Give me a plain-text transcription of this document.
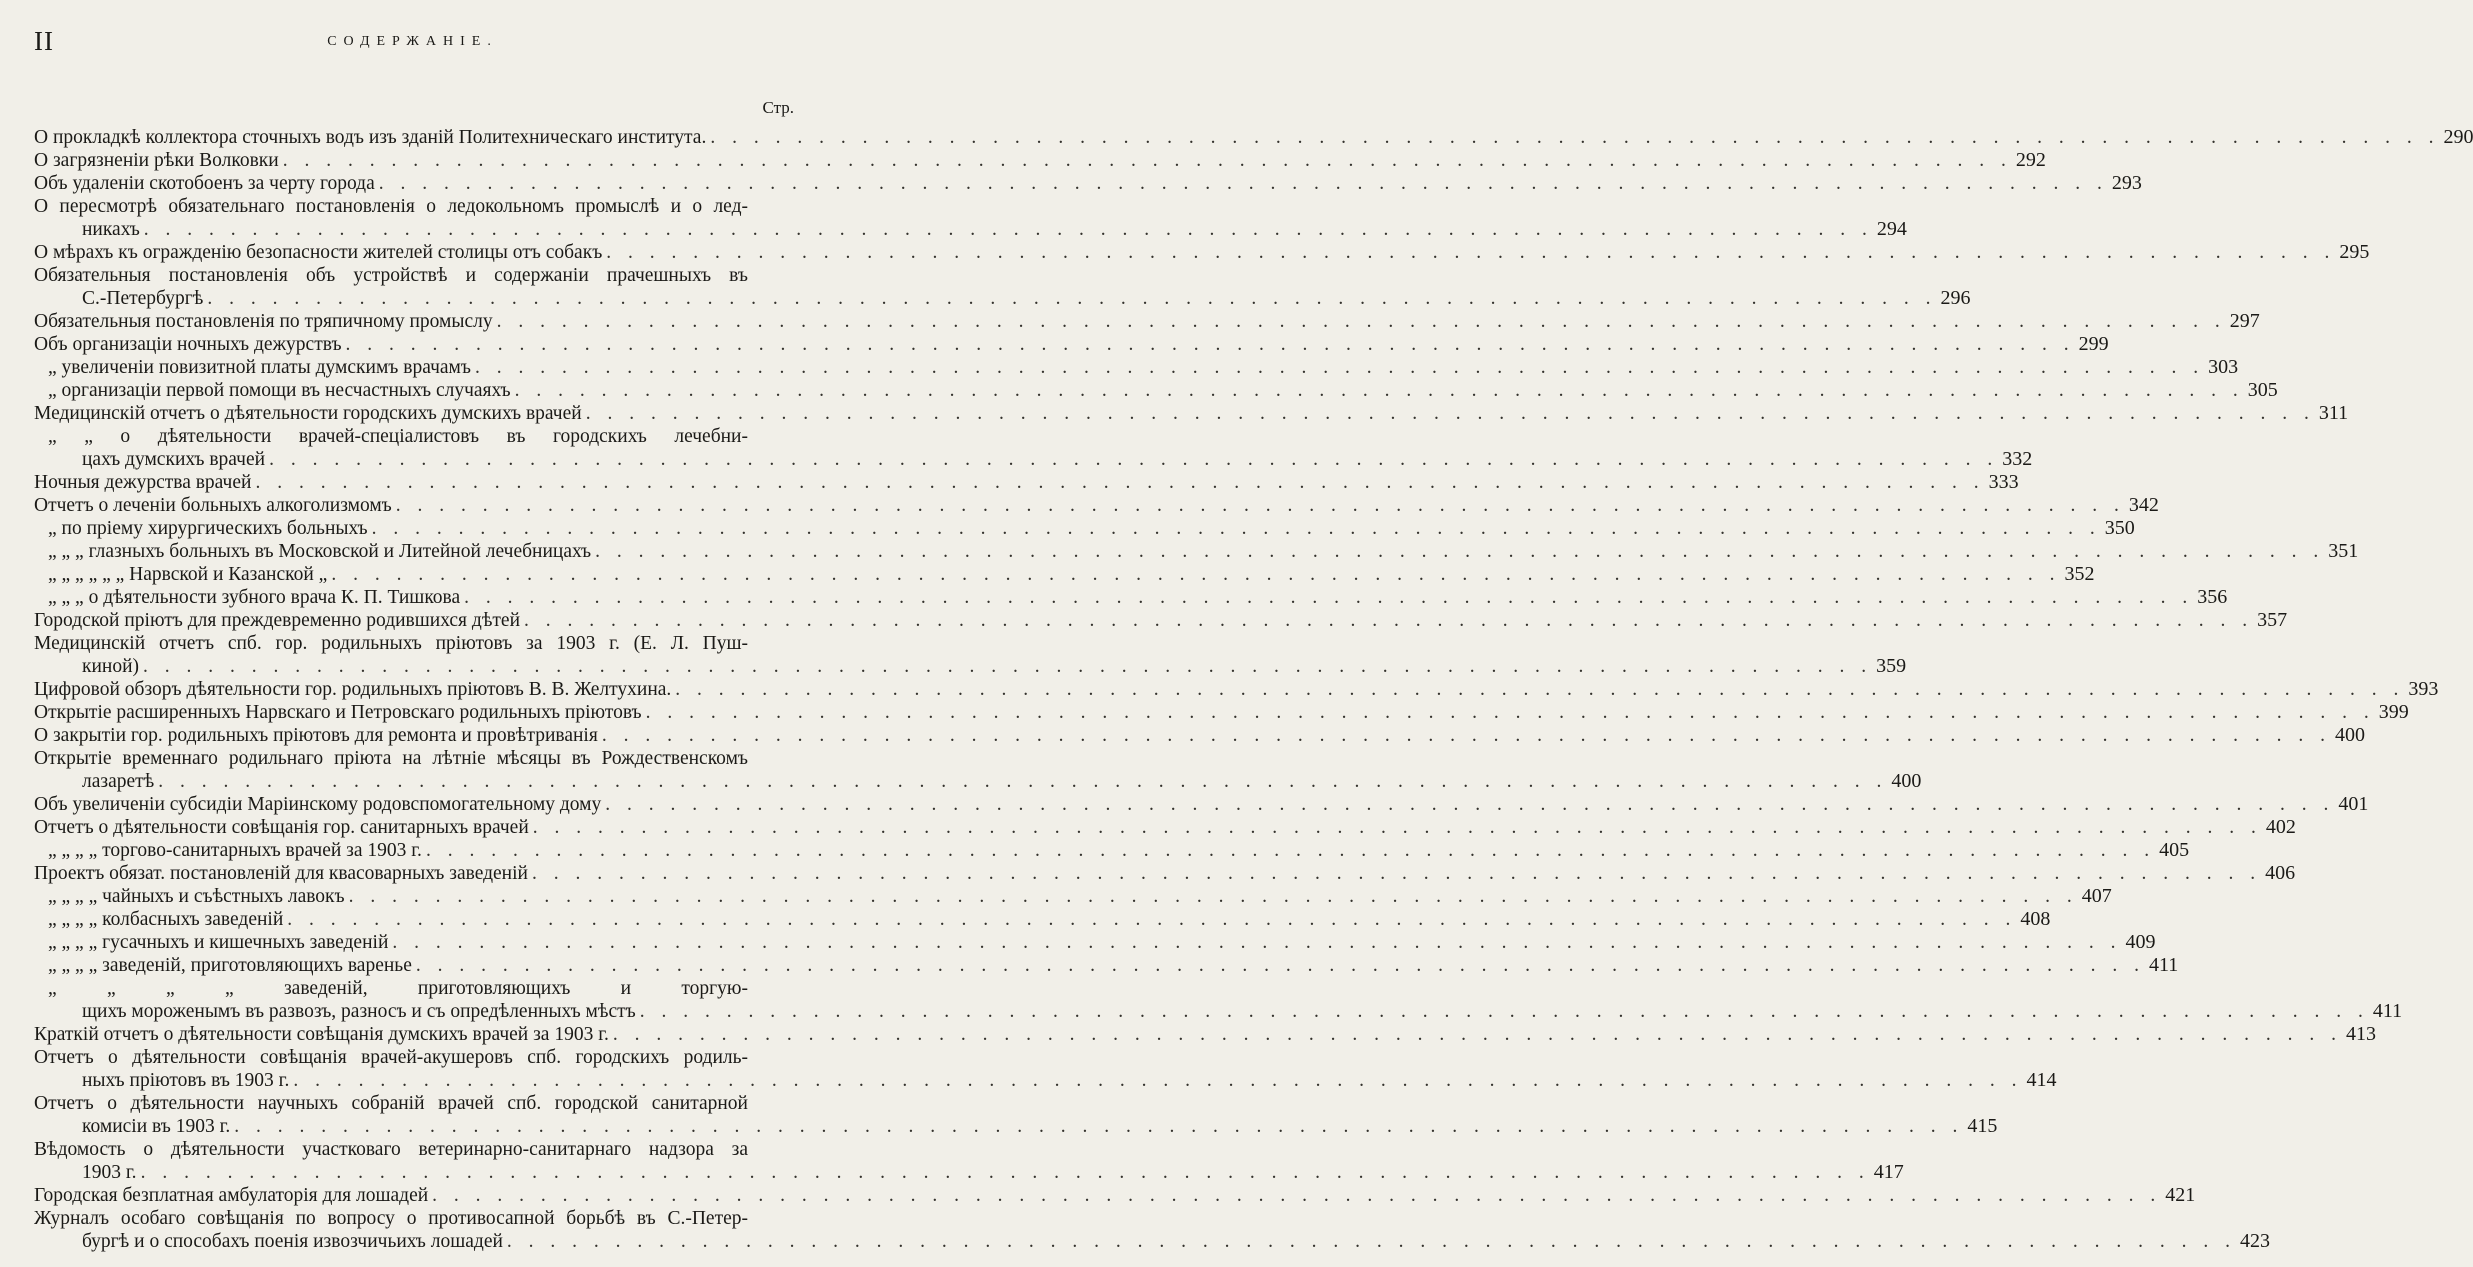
II	СОДЕРЖАНIЕ.
Стр.
О прокладкѣ коллектора сточныхъ водъ изъ зданій Политехническаго института. . . . . . . . . . . . . . . . . . . . . . . . . . . . . . . . . . . . . . . . . . . . . . . . . . . . . . . . . . . . . . . . . . . . . . . . . . . . . . . . . 290
О загрязненіи рѣки Волковки . . . . . . . . . . . . . . . . . . . . . . . . . . . . . . . . . . . . . . . . . . . . . . . . . . . . . . . . . . . . . . . . . . . . . . . . . . . . . . . . 292
Объ удаленіи скотобоенъ за черту города . . . . . . . . . . . . . . . . . . . . . . . . . . . . . . . . . . . . . . . . . . . . . . . . . . . . . . . . . . . . . . . . . . . . . . . . . . . . . . . . 293
О пересмотрѣ обязательнаго постановленія о ледокольномъ промыслѣ и о лед-
никахъ . . . . . . . . . . . . . . . . . . . . . . . . . . . . . . . . . . . . . . . . . . . . . . . . . . . . . . . . . . . . . . . . . . . . . . . . . . . . . . . . 294
О мѣрахъ къ огражденію безопасности жителей столицы отъ собакъ . . . . . . . . . . . . . . . . . . . . . . . . . . . . . . . . . . . . . . . . . . . . . . . . . . . . . . . . . . . . . . . . . . . . . . . . . . . . . . . . 295
Обязательныя постановленія объ устройствѣ и содержаніи прачешныхъ въ
С.-Петербургѣ . . . . . . . . . . . . . . . . . . . . . . . . . . . . . . . . . . . . . . . . . . . . . . . . . . . . . . . . . . . . . . . . . . . . . . . . . . . . . . . . 296
Обязательныя постановленія по тряпичному промыслу . . . . . . . . . . . . . . . . . . . . . . . . . . . . . . . . . . . . . . . . . . . . . . . . . . . . . . . . . . . . . . . . . . . . . . . . . . . . . . . . 297
Объ организаціи ночныхъ дежурствъ . . . . . . . . . . . . . . . . . . . . . . . . . . . . . . . . . . . . . . . . . . . . . . . . . . . . . . . . . . . . . . . . . . . . . . . . . . . . . . . . 299
„ увеличеніи повизитной платы думскимъ врачамъ . . . . . . . . . . . . . . . . . . . . . . . . . . . . . . . . . . . . . . . . . . . . . . . . . . . . . . . . . . . . . . . . . . . . . . . . . . . . . . . . 303
„ организаціи первой помощи въ несчастныхъ случаяхъ . . . . . . . . . . . . . . . . . . . . . . . . . . . . . . . . . . . . . . . . . . . . . . . . . . . . . . . . . . . . . . . . . . . . . . . . . . . . . . . . 305
Медицинскій отчетъ о дѣятельности городскихъ думскихъ врачей . . . . . . . . . . . . . . . . . . . . . . . . . . . . . . . . . . . . . . . . . . . . . . . . . . . . . . . . . . . . . . . . . . . . . . . . . . . . . . . . 311
„ „ о дѣятельности врачей-спеціалистовъ въ городскихъ лечебни-
цахъ думскихъ врачей . . . . . . . . . . . . . . . . . . . . . . . . . . . . . . . . . . . . . . . . . . . . . . . . . . . . . . . . . . . . . . . . . . . . . . . . . . . . . . . . 332
Ночныя дежурства врачей . . . . . . . . . . . . . . . . . . . . . . . . . . . . . . . . . . . . . . . . . . . . . . . . . . . . . . . . . . . . . . . . . . . . . . . . . . . . . . . . 333
Отчетъ о леченіи больныхъ алкоголизмомъ . . . . . . . . . . . . . . . . . . . . . . . . . . . . . . . . . . . . . . . . . . . . . . . . . . . . . . . . . . . . . . . . . . . . . . . . . . . . . . . . 342
„ по пріему хирургическихъ больныхъ . . . . . . . . . . . . . . . . . . . . . . . . . . . . . . . . . . . . . . . . . . . . . . . . . . . . . . . . . . . . . . . . . . . . . . . . . . . . . . . . 350
„ „ „ глазныхъ больныхъ въ Московской и Литейной лечебницахъ . . . . . . . . . . . . . . . . . . . . . . . . . . . . . . . . . . . . . . . . . . . . . . . . . . . . . . . . . . . . . . . . . . . . . . . . . . . . . . . . 351
„ „ „ „ „ „ Нарвской и Казанской „ . . . . . . . . . . . . . . . . . . . . . . . . . . . . . . . . . . . . . . . . . . . . . . . . . . . . . . . . . . . . . . . . . . . . . . . . . . . . . . . . 352
„ „ „ о дѣятельности зубного врача К. П. Тишкова . . . . . . . . . . . . . . . . . . . . . . . . . . . . . . . . . . . . . . . . . . . . . . . . . . . . . . . . . . . . . . . . . . . . . . . . . . . . . . . . 356
Городской пріютъ для преждевременно родившихся дѣтей . . . . . . . . . . . . . . . . . . . . . . . . . . . . . . . . . . . . . . . . . . . . . . . . . . . . . . . . . . . . . . . . . . . . . . . . . . . . . . . . 357
Медицинскій отчетъ спб. гор. родильныхъ пріютовъ за 1903 г. (Е. Л. Пуш-
киной) . . . . . . . . . . . . . . . . . . . . . . . . . . . . . . . . . . . . . . . . . . . . . . . . . . . . . . . . . . . . . . . . . . . . . . . . . . . . . . . . 359
Цифровой обзоръ дѣятельности гор. родильныхъ пріютовъ В. В. Желтухина. . . . . . . . . . . . . . . . . . . . . . . . . . . . . . . . . . . . . . . . . . . . . . . . . . . . . . . . . . . . . . . . . . . . . . . . . . . . . . . . . 393
Открытіе расширенныхъ Нарвскаго и Петровскаго родильныхъ пріютовъ . . . . . . . . . . . . . . . . . . . . . . . . . . . . . . . . . . . . . . . . . . . . . . . . . . . . . . . . . . . . . . . . . . . . . . . . . . . . . . . . 399
О закрытіи гор. родильныхъ пріютовъ для ремонта и провѣтриванія . . . . . . . . . . . . . . . . . . . . . . . . . . . . . . . . . . . . . . . . . . . . . . . . . . . . . . . . . . . . . . . . . . . . . . . . . . . . . . . . 400
Открытіе временнаго родильнаго пріюта на лѣтніе мѣсяцы въ Рождественскомъ
лазаретѣ . . . . . . . . . . . . . . . . . . . . . . . . . . . . . . . . . . . . . . . . . . . . . . . . . . . . . . . . . . . . . . . . . . . . . . . . . . . . . . . . 400
Объ увеличеніи субсидіи Маріинскому родовспомогательному дому . . . . . . . . . . . . . . . . . . . . . . . . . . . . . . . . . . . . . . . . . . . . . . . . . . . . . . . . . . . . . . . . . . . . . . . . . . . . . . . . 401
Отчетъ о дѣятельности совѣщанія гор. санитарныхъ врачей . . . . . . . . . . . . . . . . . . . . . . . . . . . . . . . . . . . . . . . . . . . . . . . . . . . . . . . . . . . . . . . . . . . . . . . . . . . . . . . . 402
„ „ „ „ торгово-санитарныхъ врачей за 1903 г. . . . . . . . . . . . . . . . . . . . . . . . . . . . . . . . . . . . . . . . . . . . . . . . . . . . . . . . . . . . . . . . . . . . . . . . . . . . . . . . . 405
Проектъ обязат. постановленій для квасоварныхъ заведеній . . . . . . . . . . . . . . . . . . . . . . . . . . . . . . . . . . . . . . . . . . . . . . . . . . . . . . . . . . . . . . . . . . . . . . . . . . . . . . . . 406
„ „ „ „ чайныхъ и съѣстныхъ лавокъ . . . . . . . . . . . . . . . . . . . . . . . . . . . . . . . . . . . . . . . . . . . . . . . . . . . . . . . . . . . . . . . . . . . . . . . . . . . . . . . . 407
„ „ „ „ колбасныхъ заведеній . . . . . . . . . . . . . . . . . . . . . . . . . . . . . . . . . . . . . . . . . . . . . . . . . . . . . . . . . . . . . . . . . . . . . . . . . . . . . . . . 408
„ „ „ „ гусачныхъ и кишечныхъ заведеній . . . . . . . . . . . . . . . . . . . . . . . . . . . . . . . . . . . . . . . . . . . . . . . . . . . . . . . . . . . . . . . . . . . . . . . . . . . . . . . . 409
„ „ „ „ заведеній, приготовляющихъ варенье . . . . . . . . . . . . . . . . . . . . . . . . . . . . . . . . . . . . . . . . . . . . . . . . . . . . . . . . . . . . . . . . . . . . . . . . . . . . . . . . 411
„ „ „ „ заведеній, приготовляющихъ и торгую-
щихъ мороженымъ въ развозъ, разносъ и съ опредѣленныхъ мѣстъ . . . . . . . . . . . . . . . . . . . . . . . . . . . . . . . . . . . . . . . . . . . . . . . . . . . . . . . . . . . . . . . . . . . . . . . . . . . . . . . . 411
Краткій отчетъ о дѣятельности совѣщанія думскихъ врачей за 1903 г. . . . . . . . . . . . . . . . . . . . . . . . . . . . . . . . . . . . . . . . . . . . . . . . . . . . . . . . . . . . . . . . . . . . . . . . . . . . . . . . . 413
Отчетъ о дѣятельности совѣщанія врачей-акушеровъ спб. городскихъ родиль-
ныхъ пріютовъ въ 1903 г. . . . . . . . . . . . . . . . . . . . . . . . . . . . . . . . . . . . . . . . . . . . . . . . . . . . . . . . . . . . . . . . . . . . . . . . . . . . . . . . . 414
Отчетъ о дѣятельности научныхъ собраній врачей спб. городской санитарной
комисіи въ 1903 г. . . . . . . . . . . . . . . . . . . . . . . . . . . . . . . . . . . . . . . . . . . . . . . . . . . . . . . . . . . . . . . . . . . . . . . . . . . . . . . . . 415
Вѣдомость о дѣятельности участковаго ветеринарно-санитарнаго надзора за
1903 г. . . . . . . . . . . . . . . . . . . . . . . . . . . . . . . . . . . . . . . . . . . . . . . . . . . . . . . . . . . . . . . . . . . . . . . . . . . . . . . . . 417
Городская безплатная амбулаторія для лошадей . . . . . . . . . . . . . . . . . . . . . . . . . . . . . . . . . . . . . . . . . . . . . . . . . . . . . . . . . . . . . . . . . . . . . . . . . . . . . . . . 421
Журналъ особаго совѣщанія по вопросу о противосапной борьбѣ въ С.-Петер-
бургѣ и о способахъ поенія извозчичьихъ лошадей . . . . . . . . . . . . . . . . . . . . . . . . . . . . . . . . . . . . . . . . . . . . . . . . . . . . . . . . . . . . . . . . . . . . . . . . . . . . . . . . 423
